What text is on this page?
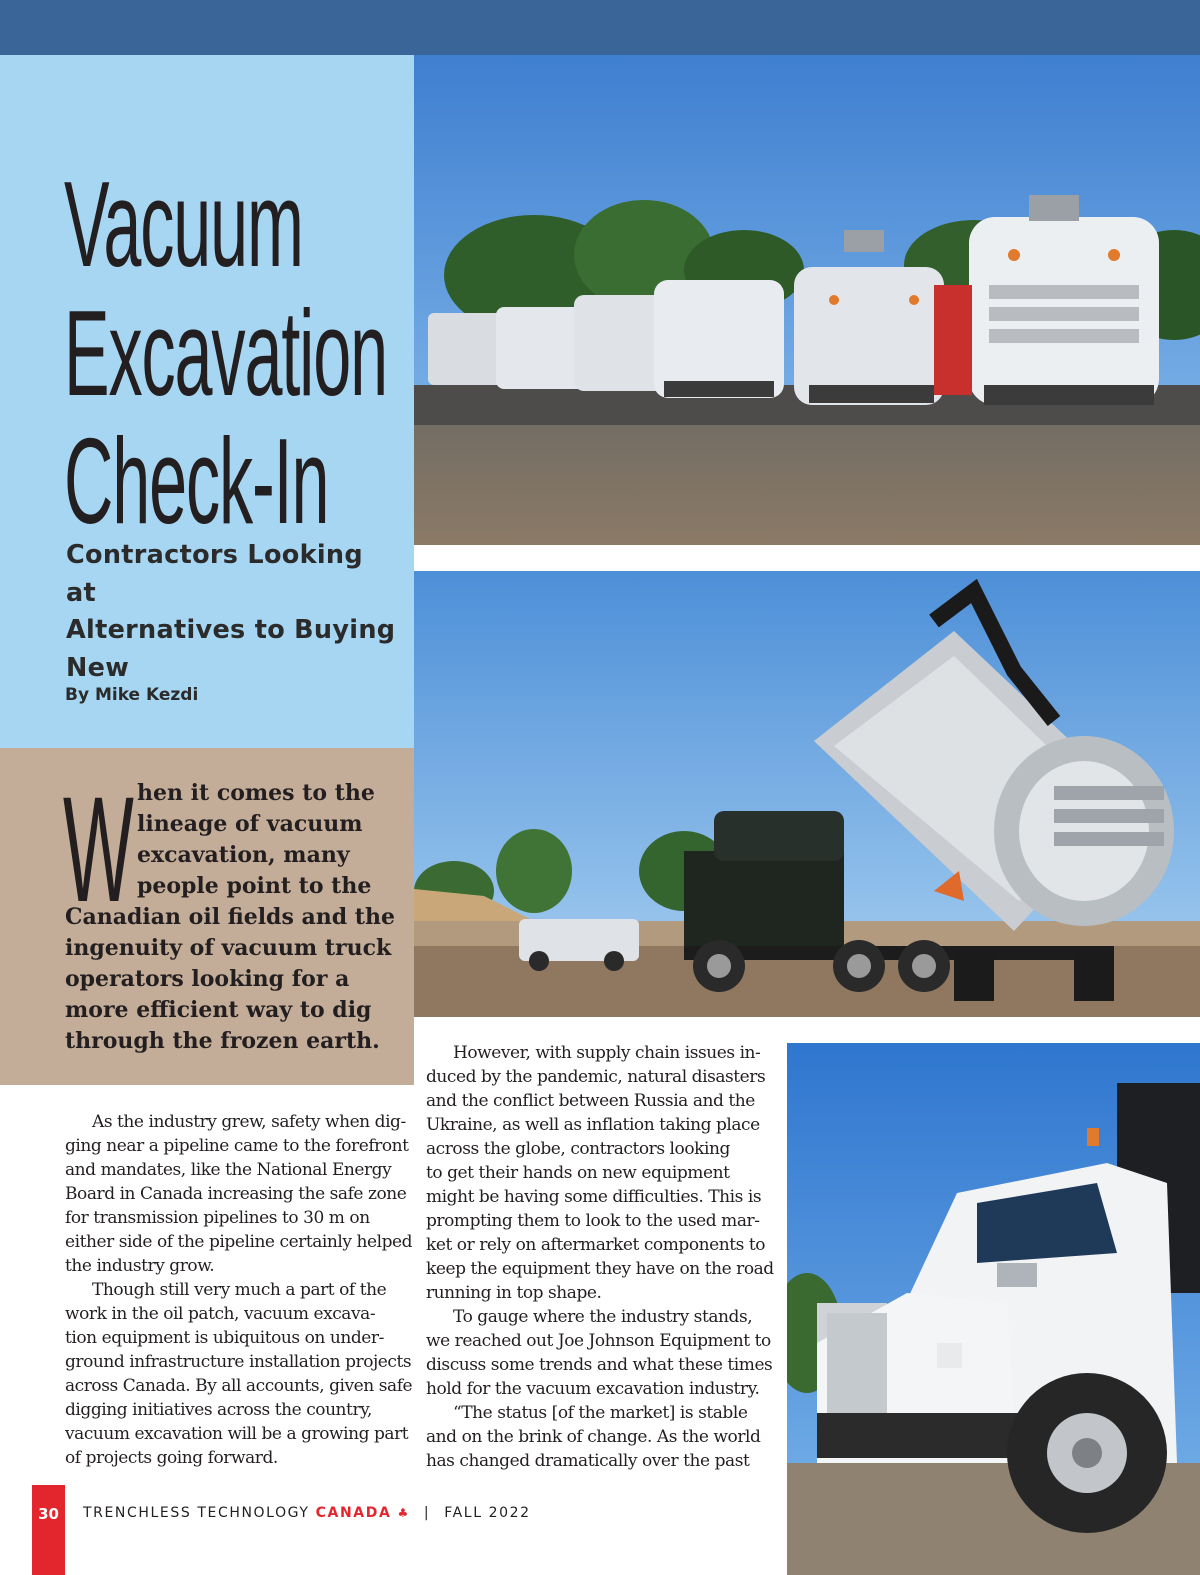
Vacuum
Excavation
Check-In
Contractors Looking at
Alternatives to Buying
New
By Mike Kezdi
W hen it comes to the
lineage of vacuum
excavation, many
people point to the
Canadian oil fields and the
ingenuity of vacuum truck
operators looking for a
more efficient way to dig
through the frozen earth.
As the industry grew, safety when dig-
ging near a pipeline came to the forefront
and mandates, like the National Energy
Board in Canada increasing the safe zone
for transmission pipelines to 30 m on
either side of the pipeline certainly helped
the industry grow.
Though still very much a part of the
work in the oil patch, vacuum excava-
tion equipment is ubiquitous on under-
ground infrastructure installation projects
across Canada. By all accounts, given safe
digging initiatives across the country,
vacuum excavation will be a growing part
of projects going forward.
However, with supply chain issues in-
duced by the pandemic, natural disasters
and the conflict between Russia and the
Ukraine, as well as inflation taking place
across the globe, contractors looking
to get their hands on new equipment
might be having some difficulties. This is
prompting them to look to the used mar-
ket or rely on aftermarket components to
keep the equipment they have on the road
running in top shape.
To gauge where the industry stands,
we reached out Joe Johnson Equipment to
discuss some trends and what these times
hold for the vacuum excavation industry.
“The status [of the market] is stable
and on the brink of change. As the world
has changed dramatically over the past
30	TRENCHLESS TECHNOLOGY CANADA ♣ | FALL 2022
